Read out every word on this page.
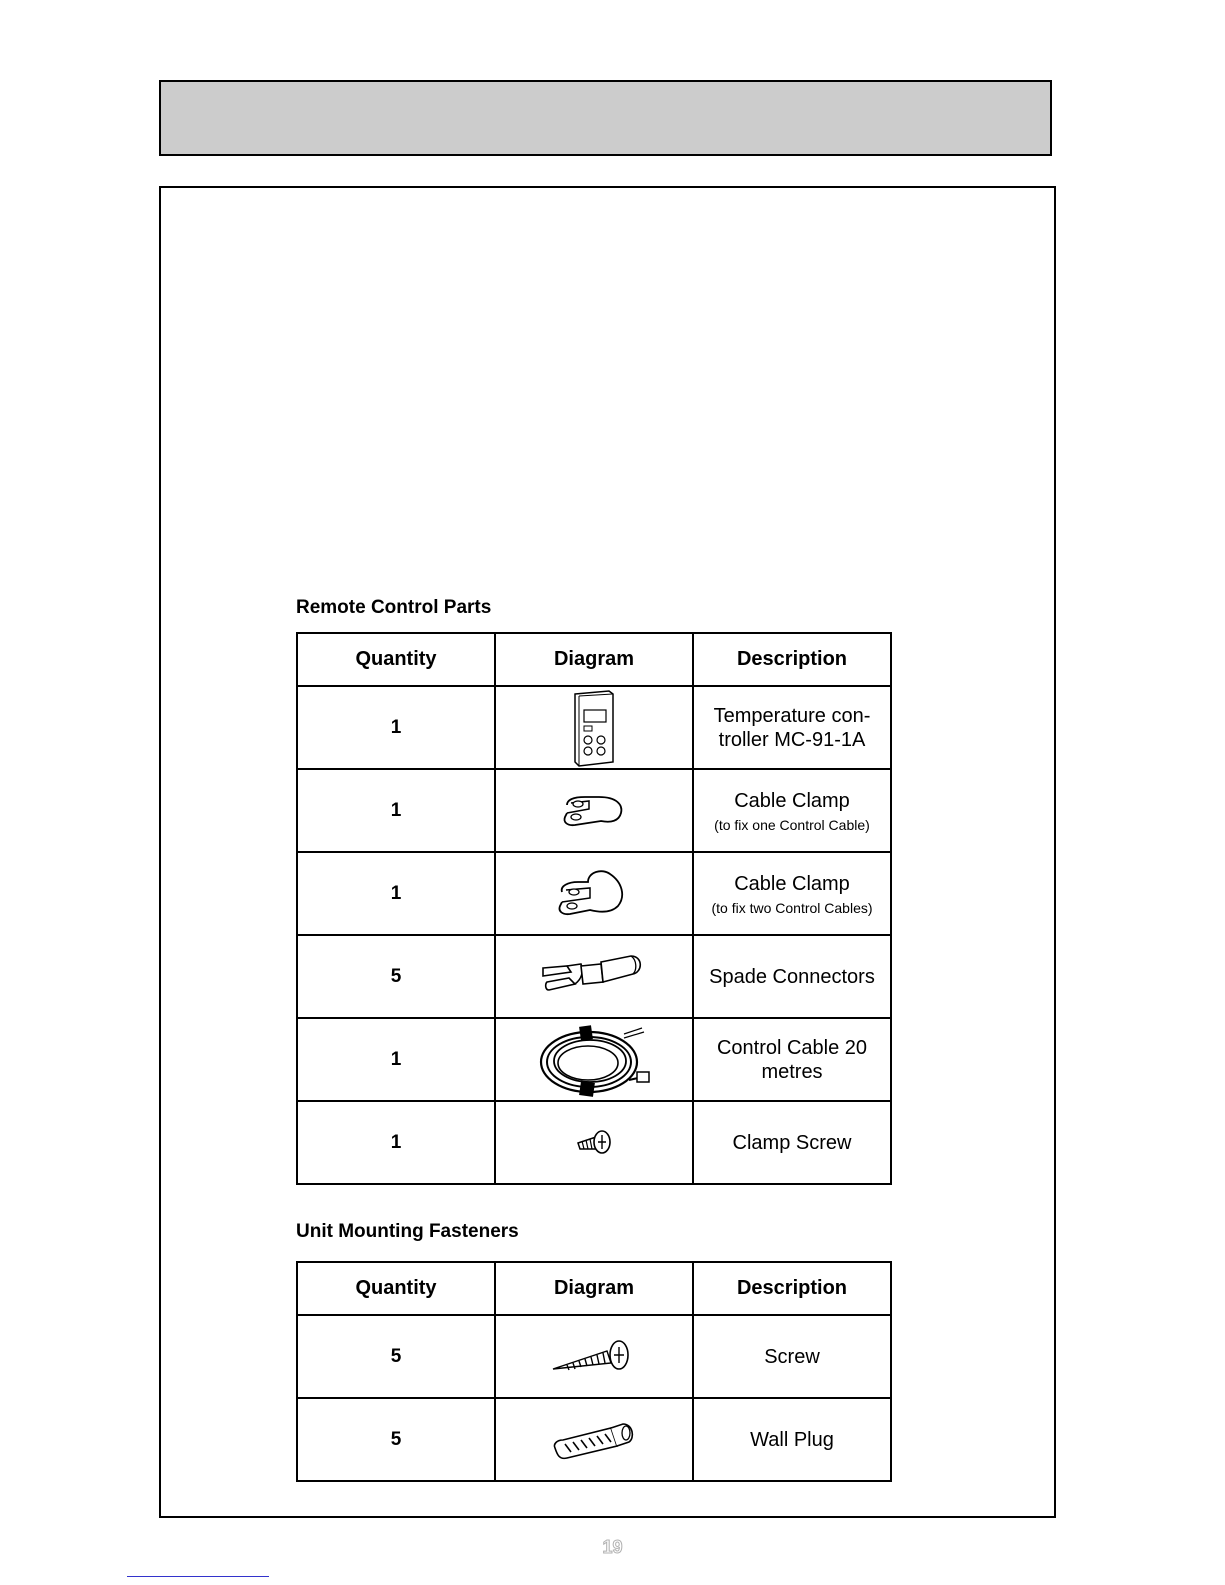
Remote Control Parts
Quantity	Diagram	Description
1		Temperature con-troller MC-91-1A

1		Cable Clamp
(to fix one Control Cable)

1		Cable Clamp
(to fix two Control Cables)

5		Spade Connectors

1		Control Cable 20 metres

1		Clamp Screw
Unit Mounting Fasteners
Quantity	Diagram	Description
5		Screw

5		Wall Plug
19
